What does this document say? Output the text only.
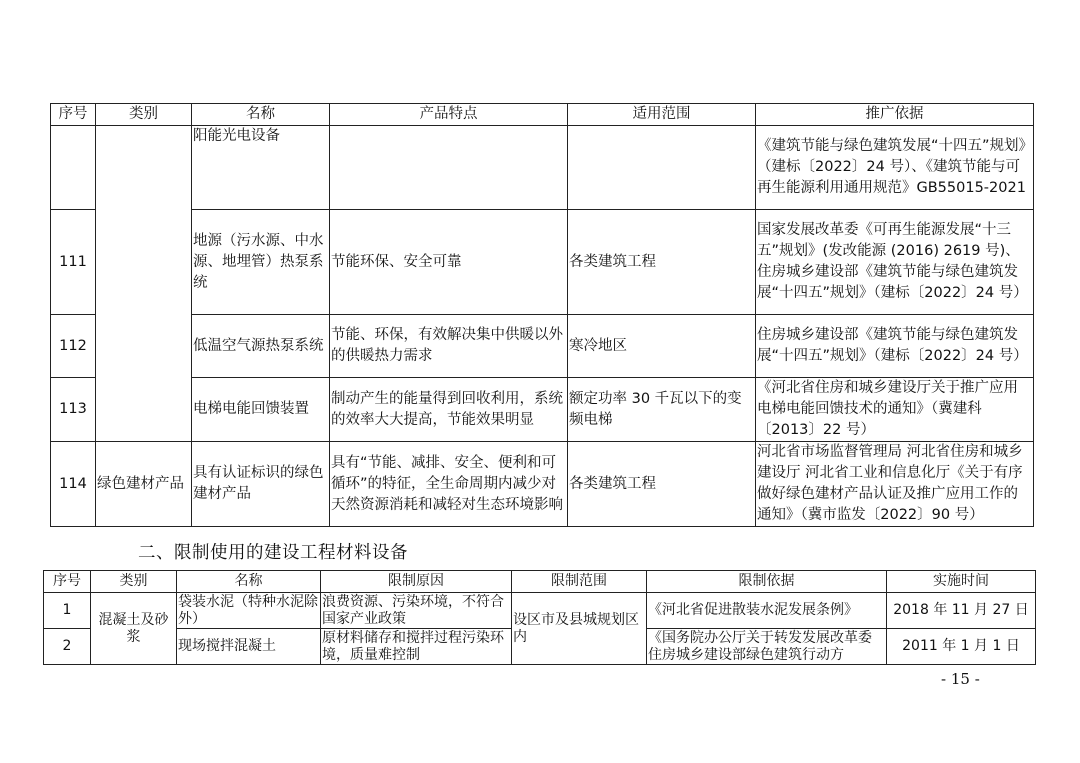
序号	类别	名称	产品特点	适用范围	推广依据
		阳能光电设备			《建筑节能与绿色建筑发展“十四五”规划》（建标〔2022〕24 号）、《建筑节能与可再生能源利用通用规范》GB55015-2021
111		地源（污水源、中水源、地埋管）热泵系统	节能环保、安全可靠	各类建筑工程	国家发展改革委《可再生能源发展“十三五”规划》(发改能源 (2016) 2619 号)、住房城乡建设部《建筑节能与绿色建筑发展“十四五”规划》（建标〔2022〕24 号）
112		低温空气源热泵系统	节能、环保，有效解决集中供暖以外的供暖热力需求	寒冷地区	住房城乡建设部《建筑节能与绿色建筑发展“十四五”规划》（建标〔2022〕24 号）
113		电梯电能回馈装置	制动产生的能量得到回收利用，系统的效率大大提高，节能效果明显	额定功率 30 千瓦以下的变频电梯	《河北省住房和城乡建设厅关于推广应用电梯电能回馈技术的通知》（冀建科〔2013〕22 号）
114	绿色建材产品	具有认证标识的绿色建材产品	具有“节能、减排、安全、便利和可循环”的特征，全生命周期内减少对天然资源消耗和减轻对生态环境影响	各类建筑工程	河北省市场监督管理局 河北省住房和城乡建设厅 河北省工业和信息化厅《关于有序做好绿色建材产品认证及推广应用工作的通知》（冀市监发〔2022〕90 号）
二、限制使用的建设工程材料设备
序号	类别	名称	限制原因	限制范围	限制依据	实施时间
1	混凝土及砂浆	袋装水泥（特种水泥除外）	浪费资源、污染环境，不符合国家产业政策	设区市及县城规划区内	《河北省促进散装水泥发展条例》	2018 年 11 月 27 日
2		现场搅拌混凝土	原材料储存和搅拌过程污染环境，质量难控制		《国务院办公厅关于转发发展改革委住房城乡建设部绿色建筑行动方	2011 年 1 月 1 日
- 15 -
